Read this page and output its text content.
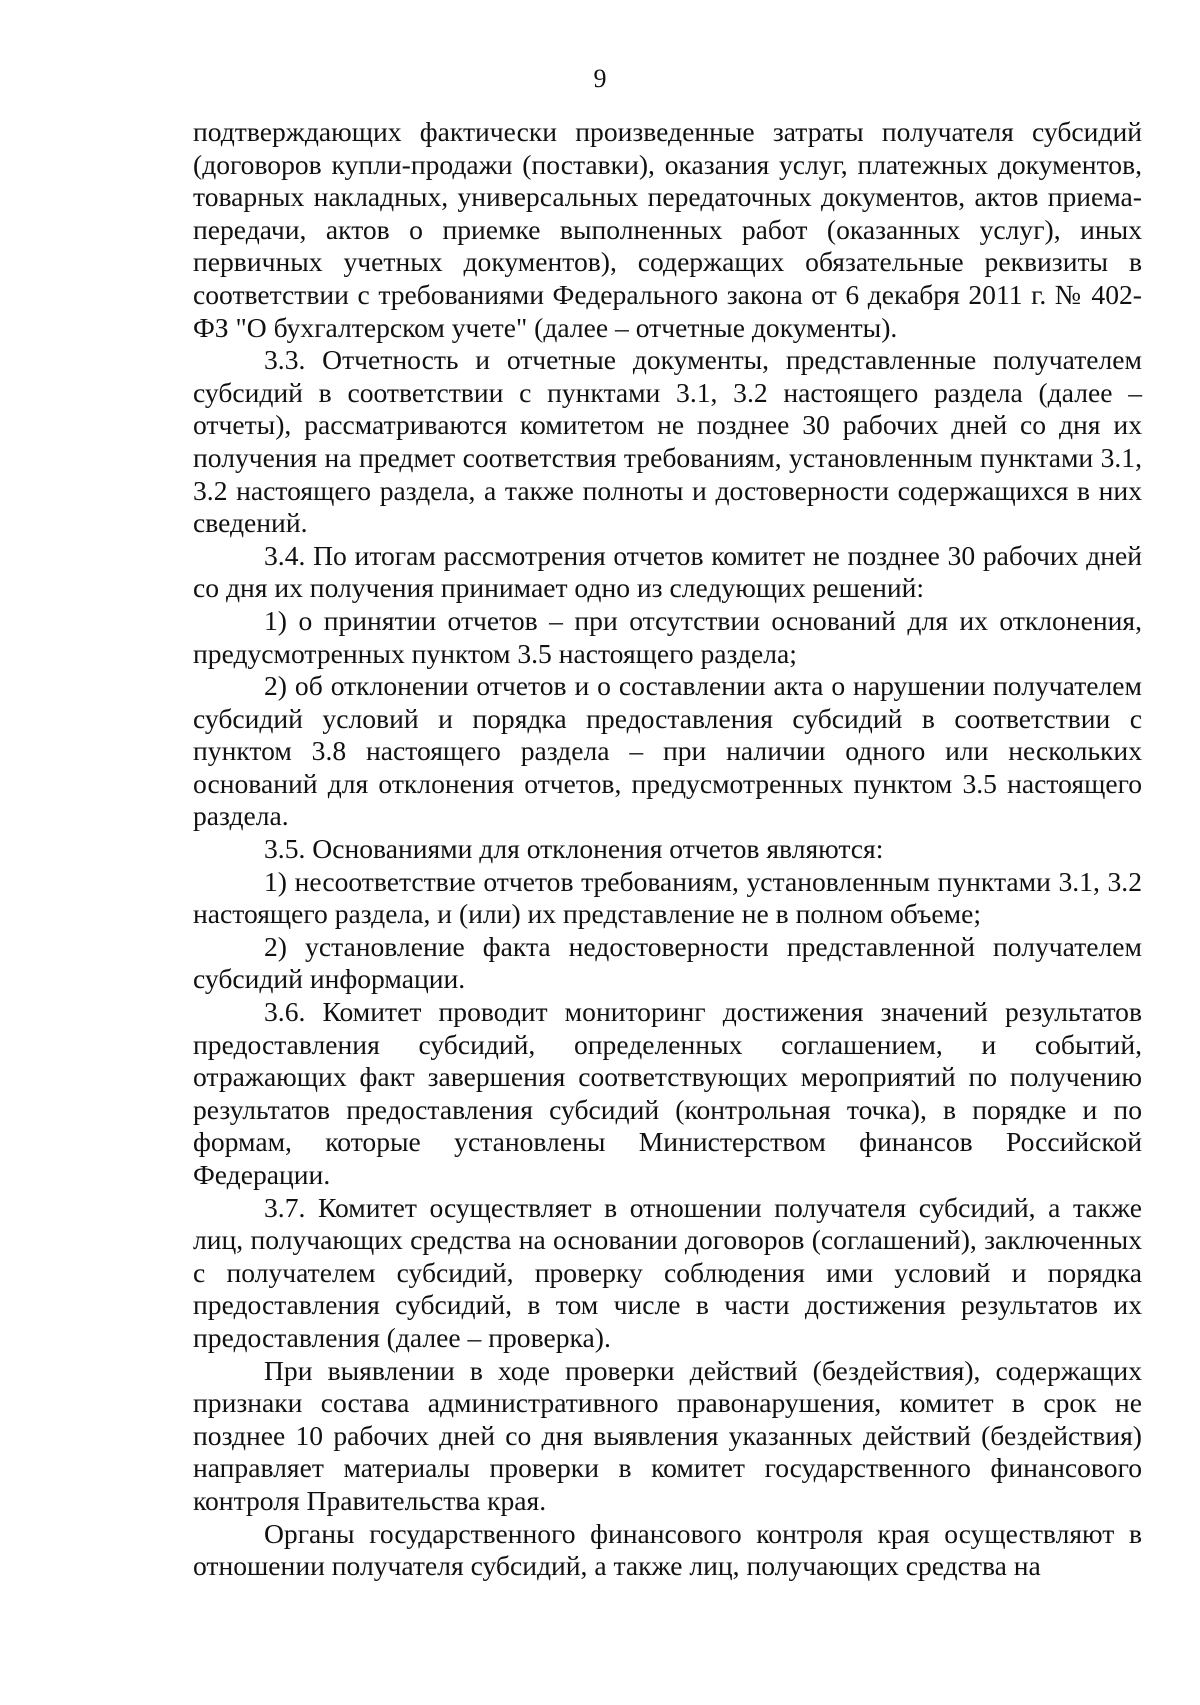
9

подтверждающих фактически произведенные затраты получателя субсидий (договоров купли-продажи (поставки), оказания услуг, платежных документов, товарных накладных, универсальных передаточных документов, актов приема-передачи, актов о приемке выполненных работ (оказанных услуг), иных первичных учетных документов), содержащих обязательные реквизиты в соответствии с требованиями Федерального закона от 6 декабря 2011 г. № 402-ФЗ "О бухгалтерском учете" (далее – отчетные документы).

3.3. Отчетность и отчетные документы, представленные получателем субсидий в соответствии с пунктами 3.1, 3.2 настоящего раздела (далее – отчеты), рассматриваются комитетом не позднее 30 рабочих дней со дня их получения на предмет соответствия требованиям, установленным пунктами 3.1, 3.2 настоящего раздела, а также полноты и достоверности содержащихся в них сведений.

3.4. По итогам рассмотрения отчетов комитет не позднее 30 рабочих дней со дня их получения принимает одно из следующих решений:

1) о принятии отчетов – при отсутствии оснований для их отклонения, предусмотренных пунктом 3.5 настоящего раздела;

2) об отклонении отчетов и о составлении акта о нарушении получателем субсидий условий и порядка предоставления субсидий в соответствии с пунктом 3.8 настоящего раздела – при наличии одного или нескольких оснований для отклонения отчетов, предусмотренных пунктом 3.5 настоящего раздела.

3.5. Основаниями для отклонения отчетов являются:

1) несоответствие отчетов требованиям, установленным пунктами 3.1, 3.2 настоящего раздела, и (или) их представление не в полном объеме;

2) установление факта недостоверности представленной получателем субсидий информации.

3.6. Комитет проводит мониторинг достижения значений результатов предоставления субсидий, определенных соглашением, и событий, отражающих факт завершения соответствующих мероприятий по получению результатов предоставления субсидий (контрольная точка), в порядке и по формам, которые установлены Министерством финансов Российской Федерации.

3.7. Комитет осуществляет в отношении получателя субсидий, а также лиц, получающих средства на основании договоров (соглашений), заключенных с получателем субсидий, проверку соблюдения ими условий и порядка предоставления субсидий, в том числе в части достижения результатов их предоставления (далее – проверка).

При выявлении в ходе проверки действий (бездействия), содержащих признаки состава административного правонарушения, комитет в срок не позднее 10 рабочих дней со дня выявления указанных действий (бездействия) направляет материалы проверки в комитет государственного финансового контроля Правительства края.

Органы государственного финансового контроля края осуществляют в отношении получателя субсидий, а также лиц, получающих средства на
